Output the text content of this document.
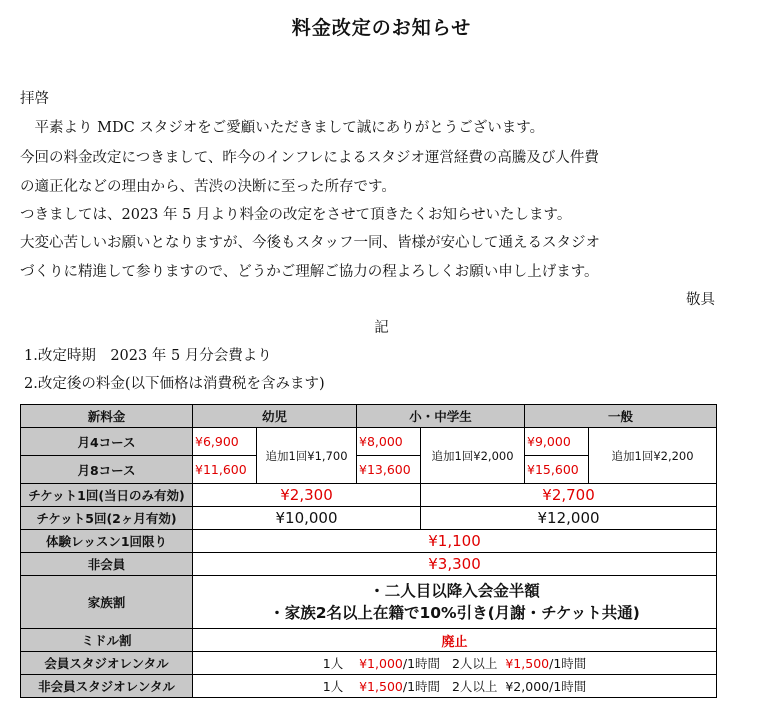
料金改定のお知らせ
拝啓
　平素より MDC スタジオをご愛顧いただきまして誠にありがとうございます。
今回の料金改定につきまして、昨今のインフレによるスタジオ運営経費の高騰及び人件費
の適正化などの理由から、苦渋の決断に至った所存です。
つきましては、2023 年 5 月より料金の改定をさせて頂きたくお知らせいたします。
大変心苦しいお願いとなりますが、今後もスタッフ一同、皆様が安心して通えるスタジオ
づくりに精進して参りますので、どうかご理解ご協力の程よろしくお願い申し上げます。
敬具
記
1.改定時期　2023 年 5 月分会費より
2.改定後の料金(以下価格は消費税を含みます)
新料金	幼児		小・中学生		一般	
月4コース	¥6,900	追加1回¥1,700	¥8,000	追加1回¥2,000	¥9,000	追加1回¥2,200
月8コース	¥11,600		¥13,600		¥15,600	
チケット1回(当日のみ有効)	¥2,300			¥2,700		
チケット5回(2ヶ月有効)	¥10,000			¥12,000		
体験レッスン1回限り	¥1,100					
非会員	¥3,300					
家族割	・二人目以降入会金半額
・家族2名以上在籍で10%引き(月謝・チケット共通)					

ミドル割	廃止					
会員スタジオレンタル	1人 ¥1,000/1時間 2人以上 ¥1,500/1時間					
非会員スタジオレンタル	1人 ¥1,500/1時間 2人以上 ¥2,000/1時間					
